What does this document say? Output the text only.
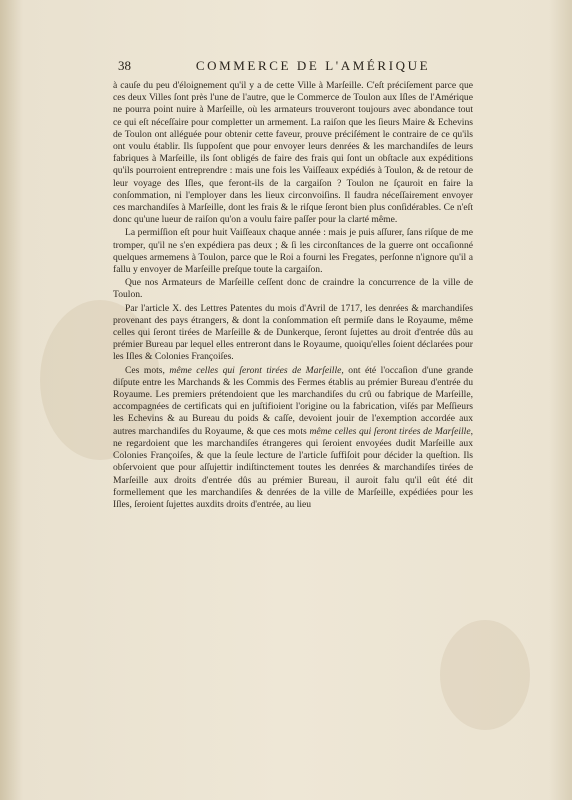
38	COMMERCE DE L'AMÉRIQUE

à cauſe du peu d'éloignement qu'il y a de cette Ville à Marſeille. C'eſt préciſement parce que ces deux Villes ſont près l'une de l'autre, que le Commerce de Toulon aux Iſles de l'Amérique ne pourra point nuire à Marſeille, où les armateurs trouveront toujours avec abondance tout ce qui eſt néceſſaire pour completter un armement. La raiſon que les ſieurs Maire & Echevins de Toulon ont alléguée pour obtenir cette faveur, prouve préciſément le contraire de ce qu'ils ont voulu établir. Ils ſuppoſent que pour envoyer leurs denrées & les marchandiſes de leurs fabriques à Marſeille, ils ſont obligés de faire des frais qui ſont un obſtacle aux expéditions qu'ils pourroient entreprendre : mais une fois les Vaiſſeaux expédiés à Toulon, & de retour de leur voyage des Iſles, que feront-ils de la cargaiſon ? Toulon ne ſçauroit en faire la conſommation, ni l'employer dans les lieux circonvoiſins. Il faudra néceſſairement envoyer ces marchandiſes à Marſeille, dont les frais & le riſque ſeront bien plus conſidérables. Ce n'eſt donc qu'une lueur de raiſon qu'on a voulu faire paſſer pour la clarté même.

La permiſſion eſt pour huit Vaiſſeaux chaque année : mais je puis aſſurer, ſans riſque de me tromper, qu'il ne s'en expédiera pas deux ; & ſi les circonſtances de la guerre ont occaſionné quelques armemens à Toulon, parce que le Roi a fourni les Fregates, perſonne n'ignore qu'il a fallu y envoyer de Marſeille preſque toute la cargaiſon.

Que nos Armateurs de Marſeille ceſſent donc de craindre la concurrence de la ville de Toulon.

Par l'article X. des Lettres Patentes du mois d'Avril de 1717, les denrées & marchandiſes provenant des pays étrangers, & dont la conſommation eſt permiſe dans le Royaume, même celles qui ſeront tirées de Marſeille & de Dunkerque, ſeront ſujettes au droit d'entrée dûs au prémier Bureau par lequel elles entreront dans le Royaume, quoiqu'elles ſoient déclarées pour les Iſles & Colonies Françoiſes.

Ces mots, même celles qui ſeront tirées de Marſeille, ont été l'occaſion d'une grande diſpute entre les Marchands & les Commis des Fermes établis au prémier Bureau d'entrée du Royaume. Les premiers prétendoient que les marchandiſes du crû ou fabrique de Marſeille, accompagnées de certificats qui en juſtifioient l'origine ou la fabrication, viſés par Meſſieurs les Echevins & au Bureau du poids & caſſe, devoient jouir de l'exemption accordée aux autres marchandiſes du Royaume, & que ces mots même celles qui ſeront tirées de Marſeille, ne regardoient que les marchandiſes étrangeres qui ſeroient envoyées dudit Marſeille aux Colonies Françoiſes, & que la ſeule lecture de l'article ſuffiſoit pour décider la queſtion. Ils obſervoient que pour aſſujettir indiſtinctement toutes les denrées & marchandiſes tirées de Marſeille aux droits d'entrée dûs au prémier Bureau, il auroit falu qu'il eût été dit formellement que les marchandiſes & denrées de la ville de Marſeille, expédiées pour les Iſles, ſeroient ſujettes auxdits droits d'entrée, au lieu
